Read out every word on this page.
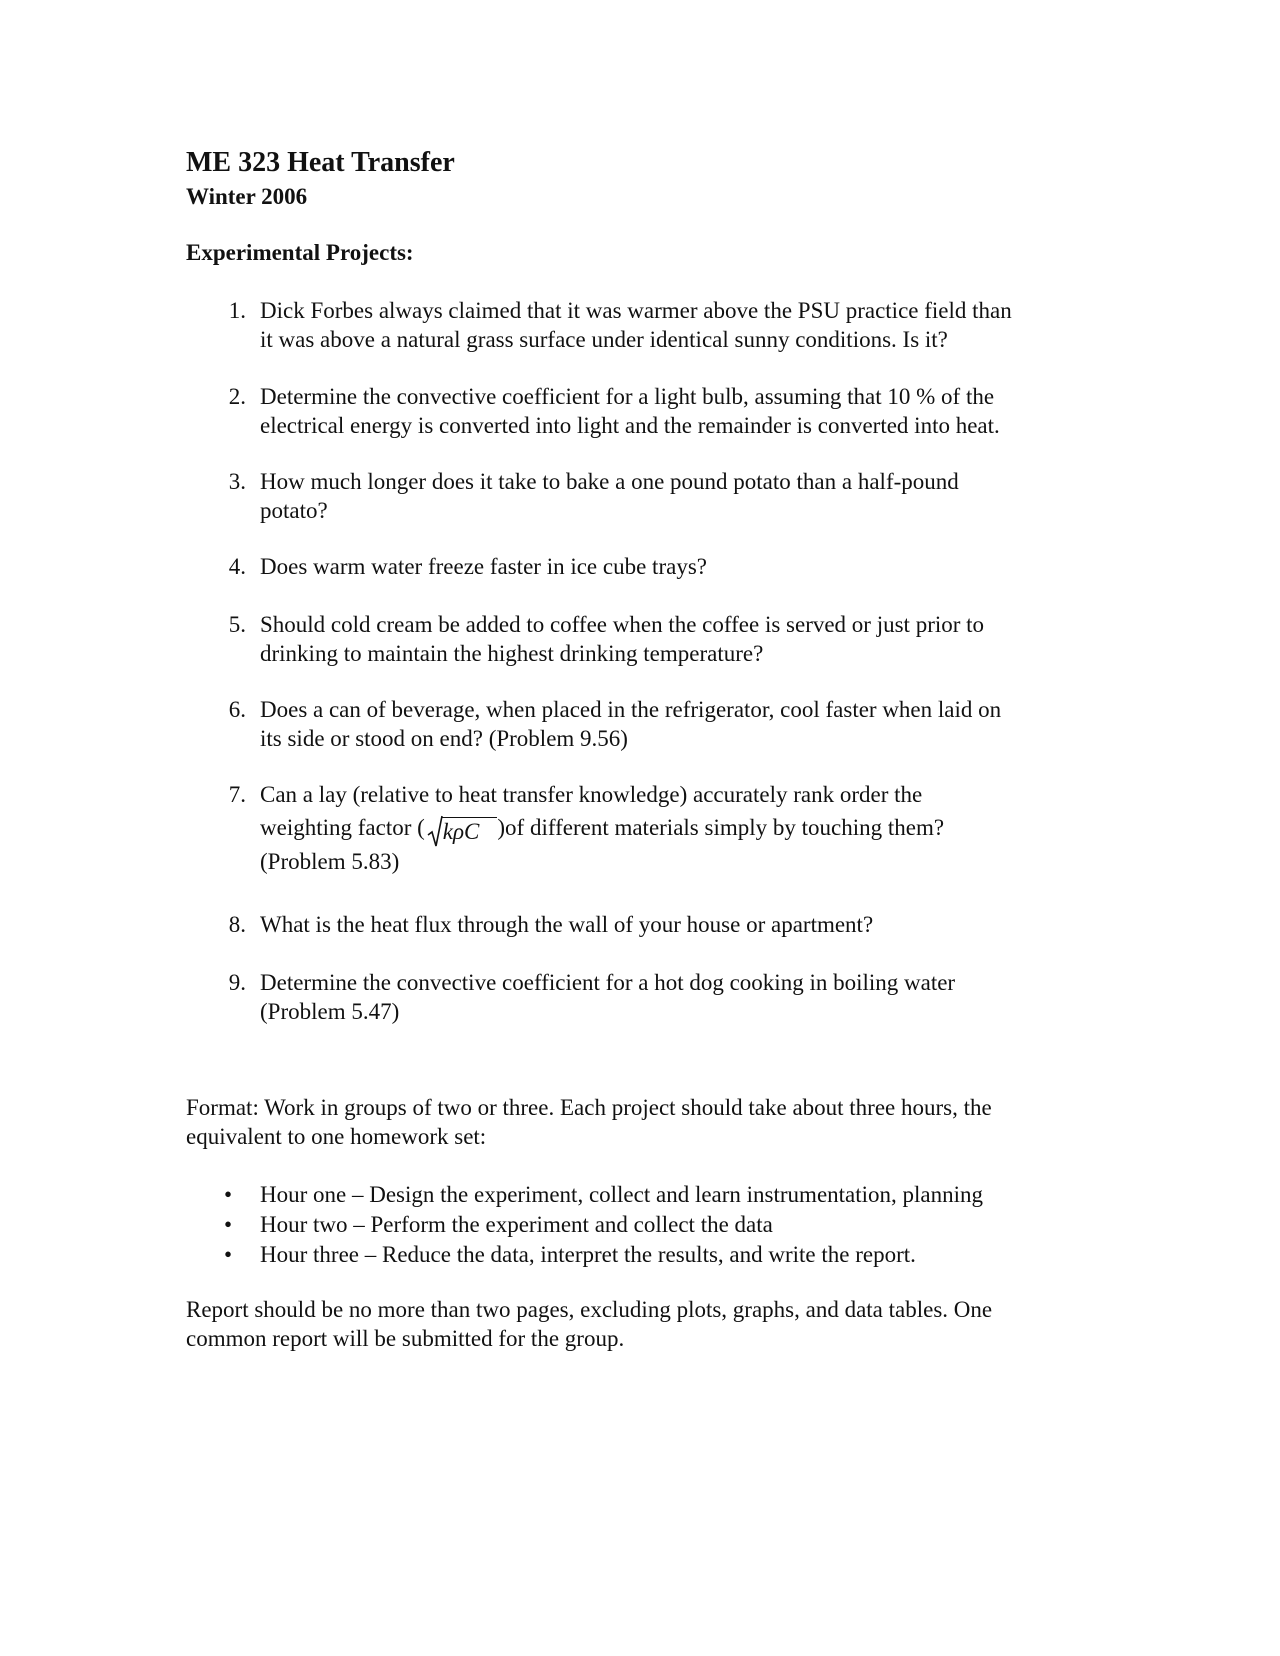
ME 323 Heat Transfer
Winter 2006
Experimental Projects:
1. Dick Forbes always claimed that it was warmer above the PSU practice field than
it was above a natural grass surface under identical sunny conditions. Is it?
2. Determine the convective coefficient for a light bulb, assuming that 10 % of the
electrical energy is converted into light and the remainder is converted into heat.
3. How much longer does it take to bake a one pound potato than a half-pound
potato?
4. Does warm water freeze faster in ice cube trays?
5. Should cold cream be added to coffee when the coffee is served or just prior to
drinking to maintain the highest drinking temperature?
6. Does a can of beverage, when placed in the refrigerator, cool faster when laid on
its side or stood on end? (Problem 9.56)
7. Can a lay (relative to heat transfer knowledge) accurately rank order the
weighting factor ( kρC )of different materials simply by touching them?
(Problem 5.83)
8. What is the heat flux through the wall of your house or apartment?
9. Determine the convective coefficient for a hot dog cooking in boiling water
(Problem 5.47)
Format: Work in groups of two or three. Each project should take about three hours, the
equivalent to one homework set:
• Hour one – Design the experiment, collect and learn instrumentation, planning
• Hour two – Perform the experiment and collect the data
• Hour three – Reduce the data, interpret the results, and write the report.
Report should be no more than two pages, excluding plots, graphs, and data tables. One
common report will be submitted for the group.
